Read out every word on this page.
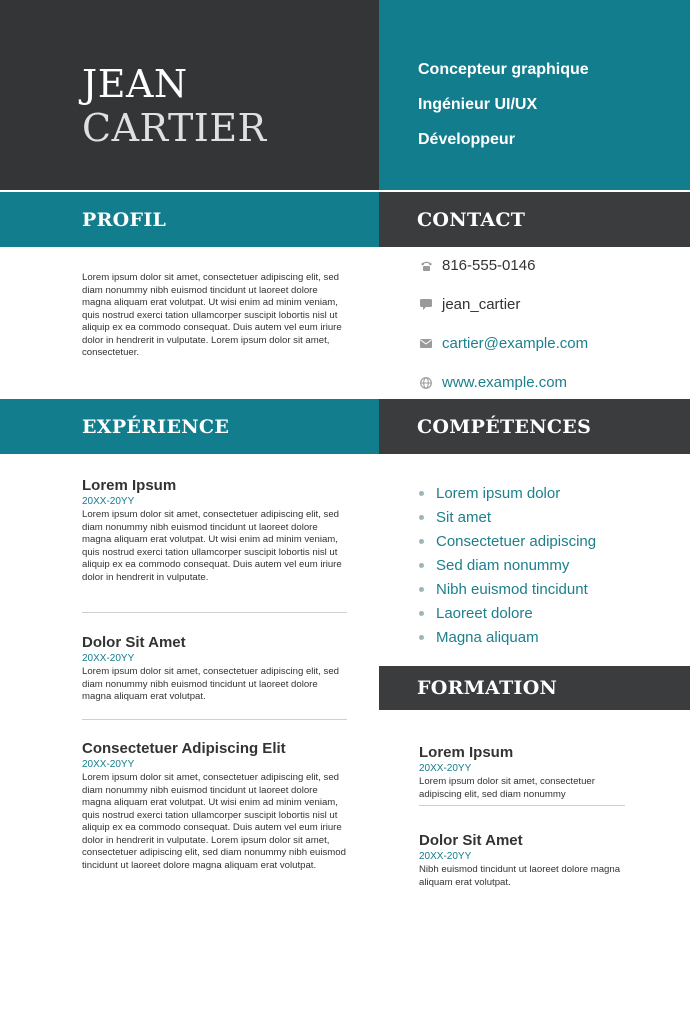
JEAN
CARTIER
Concepteur graphique
Ingénieur UI/UX
Développeur
PROFIL	CONTACT
Lorem ipsum dolor sit amet, consectetuer adipiscing elit, sed diam nonummy nibh euismod tincidunt ut laoreet dolore magna aliquam erat volutpat. Ut wisi enim ad minim veniam, quis nostrud exerci tation ullamcorper suscipit lobortis nisl ut aliquip ex ea commodo consequat. Duis autem vel eum iriure dolor in hendrerit in vulputate. Lorem ipsum dolor sit amet, consectetuer.
816-555-0146
jean_cartier
cartier@example.com
www.example.com
EXPÉRIENCE	COMPÉTENCES
Lorem Ipsum
20XX-20YY
Lorem ipsum dolor sit amet, consectetuer adipiscing elit, sed diam nonummy nibh euismod tincidunt ut laoreet dolore magna aliquam erat volutpat. Ut wisi enim ad minim veniam, quis nostrud exerci tation ullamcorper suscipit lobortis nisl ut aliquip ex ea commodo consequat. Duis autem vel eum iriure dolor in hendrerit in vulputate.
Dolor Sit Amet
20XX-20YY
Lorem ipsum dolor sit amet, consectetuer adipiscing elit, sed diam nonummy nibh euismod tincidunt ut laoreet dolore magna aliquam erat volutpat.
Consectetuer Adipiscing Elit
20XX-20YY
Lorem ipsum dolor sit amet, consectetuer adipiscing elit, sed diam nonummy nibh euismod tincidunt ut laoreet dolore magna aliquam erat volutpat. Ut wisi enim ad minim veniam, quis nostrud exerci tation ullamcorper suscipit lobortis nisl ut aliquip ex ea commodo consequat. Duis autem vel eum iriure dolor in hendrerit in vulputate. Lorem ipsum dolor sit amet, consectetuer adipiscing elit, sed diam nonummy nibh euismod tincidunt ut laoreet dolore magna aliquam erat volutpat.
Lorem ipsum dolor
Sit amet
Consectetuer adipiscing
Sed diam nonummy
Nibh euismod tincidunt
Laoreet dolore
Magna aliquam
FORMATION
Lorem Ipsum
20XX-20YY
Lorem ipsum dolor sit amet, consectetuer adipiscing elit, sed diam nonummy
Dolor Sit Amet
20XX-20YY
Nibh euismod tincidunt ut laoreet dolore magna aliquam erat volutpat.
